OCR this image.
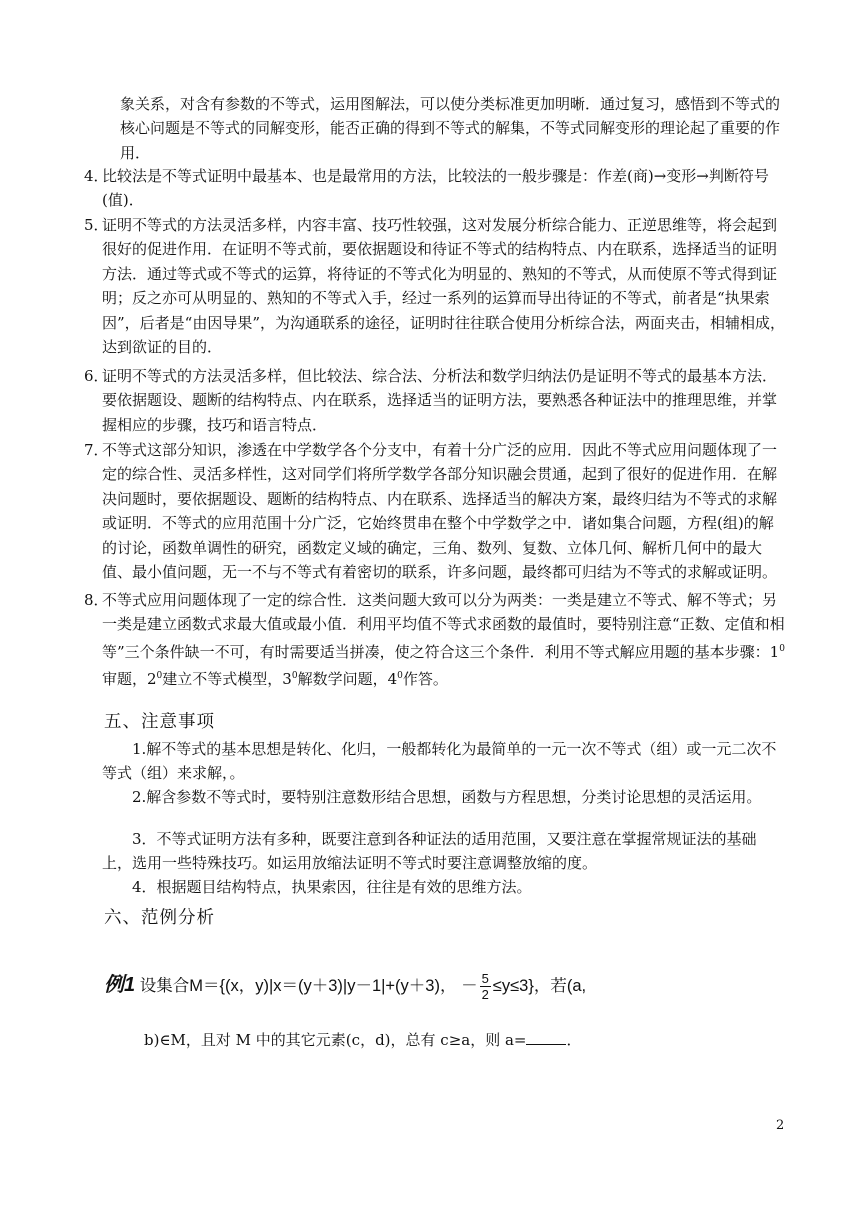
象关系，对含有参数的不等式，运用图解法，可以使分类标准更加明晰．通过复习，感悟到不等式的核心问题是不等式的同解变形，能否正确的得到不等式的解集，不等式同解变形的理论起了重要的作用．
4．
比较法是不等式证明中最基本、也是最常用的方法，比较法的一般步骤是：作差(商)→变形→判断符号(值)．
5．
证明不等式的方法灵活多样，内容丰富、技巧性较强，这对发展分析综合能力、正逆思维等，将会起到很好的促进作用．在证明不等式前，要依据题设和待证不等式的结构特点、内在联系，选择适当的证明方法．通过等式或不等式的运算，将待证的不等式化为明显的、熟知的不等式，从而使原不等式得到证明；反之亦可从明显的、熟知的不等式入手，经过一系列的运算而导出待证的不等式，前者是“执果索因”，后者是“由因导果”，为沟通联系的途径，证明时往往联合使用分析综合法，两面夹击，相辅相成，达到欲证的目的．
6．
证明不等式的方法灵活多样，但比较法、综合法、分析法和数学归纳法仍是证明不等式的最基本方法．要依据题设、题断的结构特点、内在联系，选择适当的证明方法，要熟悉各种证法中的推理思维，并掌握相应的步骤，技巧和语言特点．
7．
不等式这部分知识，渗透在中学数学各个分支中，有着十分广泛的应用．因此不等式应用问题体现了一定的综合性、灵活多样性，这对同学们将所学数学各部分知识融会贯通，起到了很好的促进作用．在解决问题时，要依据题设、题断的结构特点、内在联系、选择适当的解决方案，最终归结为不等式的求解或证明．不等式的应用范围十分广泛，它始终贯串在整个中学数学之中．诸如集合问题，方程(组)的解的讨论，函数单调性的研究，函数定义域的确定，三角、数列、复数、立体几何、解析几何中的最大值、最小值问题，无一不与不等式有着密切的联系，许多问题，最终都可归结为不等式的求解或证明。
8．
不等式应用问题体现了一定的综合性．这类问题大致可以分为两类：一类是建立不等式、解不等式；另一类是建立函数式求最大值或最小值．利用平均值不等式求函数的最值时，要特别注意“正数、定值和相等”三个条件缺一不可，有时需要适当拼凑，使之符合这三个条件．利用不等式解应用题的基本步骤：$1^0$审题，$2^0$建立不等式模型，$3^0$解数学问题，$4^0$作答。
五、注意事项
1.解不等式的基本思想是转化、化归，一般都转化为最简单的一元一次不等式（组）或一元二次不等式（组）来求解，。
2.解含参数不等式时，要特别注意数形结合思想，函数与方程思想，分类讨论思想的灵活运用。
3．不等式证明方法有多种，既要注意到各种证法的适用范围，又要注意在掌握常规证法的基础上，选用一些特殊技巧。如运用放缩法证明不等式时要注意调整放缩的度。
4．根据题目结构特点，执果索因，往往是有效的思维方法。
六、范例分析
例1 设集合M＝{(x，y)|x＝(y＋3)|y－1|+(y＋3)， － $\frac{5}{2} \le y\le 3$}，若(a,
b)∈M，且对 M 中的其它元素(c，d)，总有 c≥a，则 a=	．
2
